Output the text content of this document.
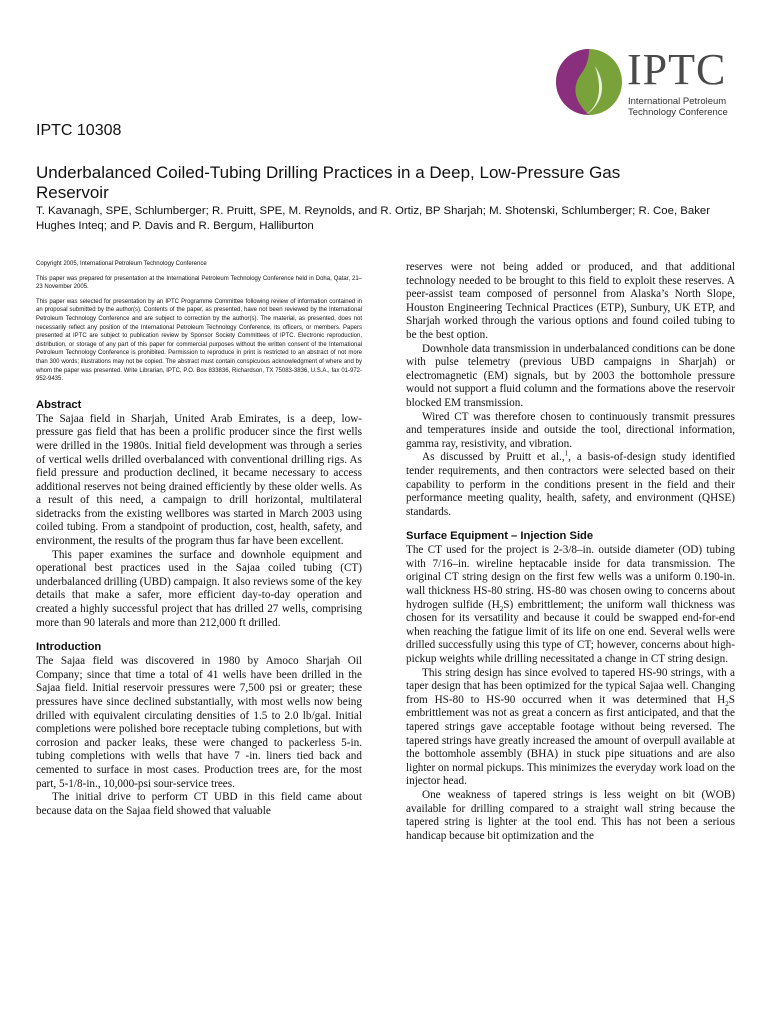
IPTC
International Petroleum
Technology Conference
IPTC 10308
Underbalanced Coiled-Tubing Drilling Practices in a Deep, Low-Pressure Gas Reservoir

T. Kavanagh, SPE, Schlumberger; R. Pruitt, SPE, M. Reynolds, and R. Ortiz, BP Sharjah; M. Shotenski, Schlumberger; R. Coe, Baker Hughes Inteq; and P. Davis and R. Bergum, Halliburton

Copyright 2005, International Petroleum Technology Conference

This paper was prepared for presentation at the International Petroleum Technology Conference held in Doha, Qatar, 21–23 November 2005.

This paper was selected for presentation by an IPTC Programme Committee following review of information contained in an proposal submitted by the author(s). Contents of the paper, as presented, have not been reviewed by the International Petroleum Technology Conference and are subject to correction by the author(s). The material, as presented, does not necessarily reflect any position of the International Petroleum Technology Conference, its officers, or members. Papers presented at IPTC are subject to publication review by Sponsor Society Committees of IPTC. Electronic reproduction, distribution, or storage of any part of this paper for commercial purposes without the written consent of the International Petroleum Technology Conference is prohibited. Permission to reproduce in print is restricted to an abstract of not more than 300 words; illustrations may not be copied. The abstract must contain conspicuous acknowledgment of where and by whom the paper was presented. Write Librarian, IPTC, P.O. Box 833836, Richardson, TX 75083-3836, U.S.A., fax 01-972-952-9435.

Abstract

The Sajaa field in Sharjah, United Arab Emirates, is a deep, low-pressure gas field that has been a prolific producer since the first wells were drilled in the 1980s. Initial field development was through a series of vertical wells drilled overbalanced with conventional drilling rigs. As field pressure and production declined, it became necessary to access additional reserves not being drained efficiently by these older wells. As a result of this need, a campaign to drill horizontal, multilateral sidetracks from the existing wellbores was started in March 2003 using coiled tubing. From a standpoint of production, cost, health, safety, and environment, the results of the program thus far have been excellent.

This paper examines the surface and downhole equipment and operational best practices used in the Sajaa coiled tubing (CT) underbalanced drilling (UBD) campaign. It also reviews some of the key details that make a safer, more efficient day-to-day operation and created a highly successful project that has drilled 27 wells, comprising more than 90 laterals and more than 212,000 ft drilled.

Introduction

The Sajaa field was discovered in 1980 by Amoco Sharjah Oil Company; since that time a total of 41 wells have been drilled in the Sajaa field. Initial reservoir pressures were 7,500 psi or greater; these pressures have since declined substantially, with most wells now being drilled with equivalent circulating densities of 1.5 to 2.0 lb/gal. Initial completions were polished bore receptacle tubing completions, but with corrosion and packer leaks, these were changed to packerless 5-in. tubing completions with wells that have 7 -in. liners tied back and cemented to surface in most cases. Production trees are, for the most part, 5-1/8-in., 10,000-psi sour-service trees.

The initial drive to perform CT UBD in this field came about because data on the Sajaa field showed that valuable

reserves were not being added or produced, and that additional technology needed to be brought to this field to exploit these reserves. A peer-assist team composed of personnel from Alaska’s North Slope, Houston Engineering Technical Practices (ETP), Sunbury, UK ETP, and Sharjah worked through the various options and found coiled tubing to be the best option.

Downhole data transmission in underbalanced conditions can be done with pulse telemetry (previous UBD campaigns in Sharjah) or electromagnetic (EM) signals, but by 2003 the bottomhole pressure would not support a fluid column and the formations above the reservoir blocked EM transmission.

Wired CT was therefore chosen to continuously transmit pressures and temperatures inside and outside the tool, directional information, gamma ray, resistivity, and vibration.

As discussed by Pruitt et al.,$^1$, a basis-of-design study identified tender requirements, and then contractors were selected based on their capability to perform in the conditions present in the field and their performance meeting quality, health, safety, and environment (QHSE) standards.

Surface Equipment – Injection Side

The CT used for the project is 2-3/8–in. outside diameter (OD) tubing with 7/16–in. wireline heptacable inside for data transmission. The original CT string design on the first few wells was a uniform 0.190-in. wall thickness HS-80 string. HS-80 was chosen owing to concerns about hydrogen sulfide $(H_2S)$ embrittlement; the uniform wall thickness was chosen for its versatility and because it could be swapped end-for-end when reaching the fatigue limit of its life on one end. Several wells were drilled successfully using this type of CT; however, concerns about high-pickup weights while drilling necessitated a change in CT string design.

This string design has since evolved to tapered HS-90 strings, with a taper design that has been optimized for the typical Sajaa well. Changing from HS-80 to HS-90 occurred when it was determined that $H_2S$ embrittlement was not as great a concern as first anticipated, and that the tapered strings gave acceptable footage without being reversed. The tapered strings have greatly increased the amount of overpull available at the bottomhole assembly (BHA) in stuck pipe situations and are also lighter on normal pickups. This minimizes the everyday work load on the injector head.

One weakness of tapered strings is less weight on bit (WOB) available for drilling compared to a straight wall string because the tapered string is lighter at the tool end. This has not been a serious handicap because bit optimization and the
